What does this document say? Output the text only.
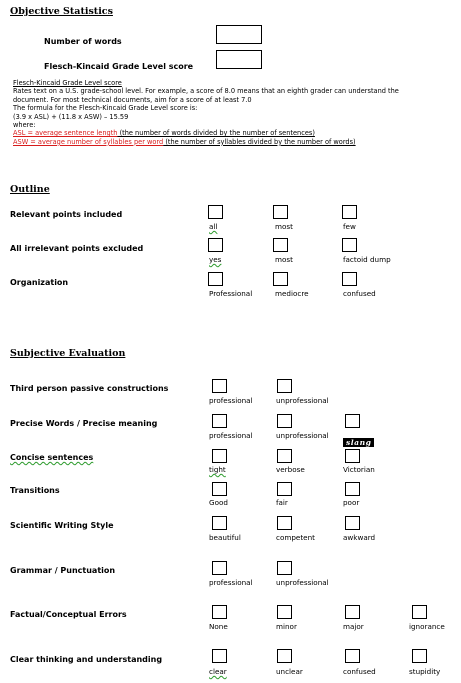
Objective Statistics
Number of words
Flesch-Kincaid Grade Level score
Flesch-Kincaid Grade Level score
Rates text on a U.S. grade-school level. For example, a score of 8.0 means that an eighth grader can understand the
document. For most technical documents, aim for a score of at least 7.0
The formula for the Flesch-Kincaid Grade Level score is:
(3.9 x ASL) + (11.8 x ASW) – 15.59
where:
ASL = average sentence length (the number of words divided by the number of sentences)
ASW = average number of syllables per word (the number of syllables divided by the number of words)
Outline
Relevant points included
all	most	few
All irrelevant points excluded
yes	most	factoid dump
Organization
Professional	mediocre	confused
Subjective Evaluation
Third person passive constructions
professional	unprofessional
Precise Words / Precise meaning
professional	unprofessional
slang
Concise sentences
tight	verbose	Victorian
Transitions
Good	fair	poor
Scientific Writing Style
beautiful	competent	awkward
Grammar / Punctuation
professional	unprofessional
Factual/Conceptual Errors
None	minor	major	ignorance
Clear thinking and understanding
clear	unclear	confused	stupidity
